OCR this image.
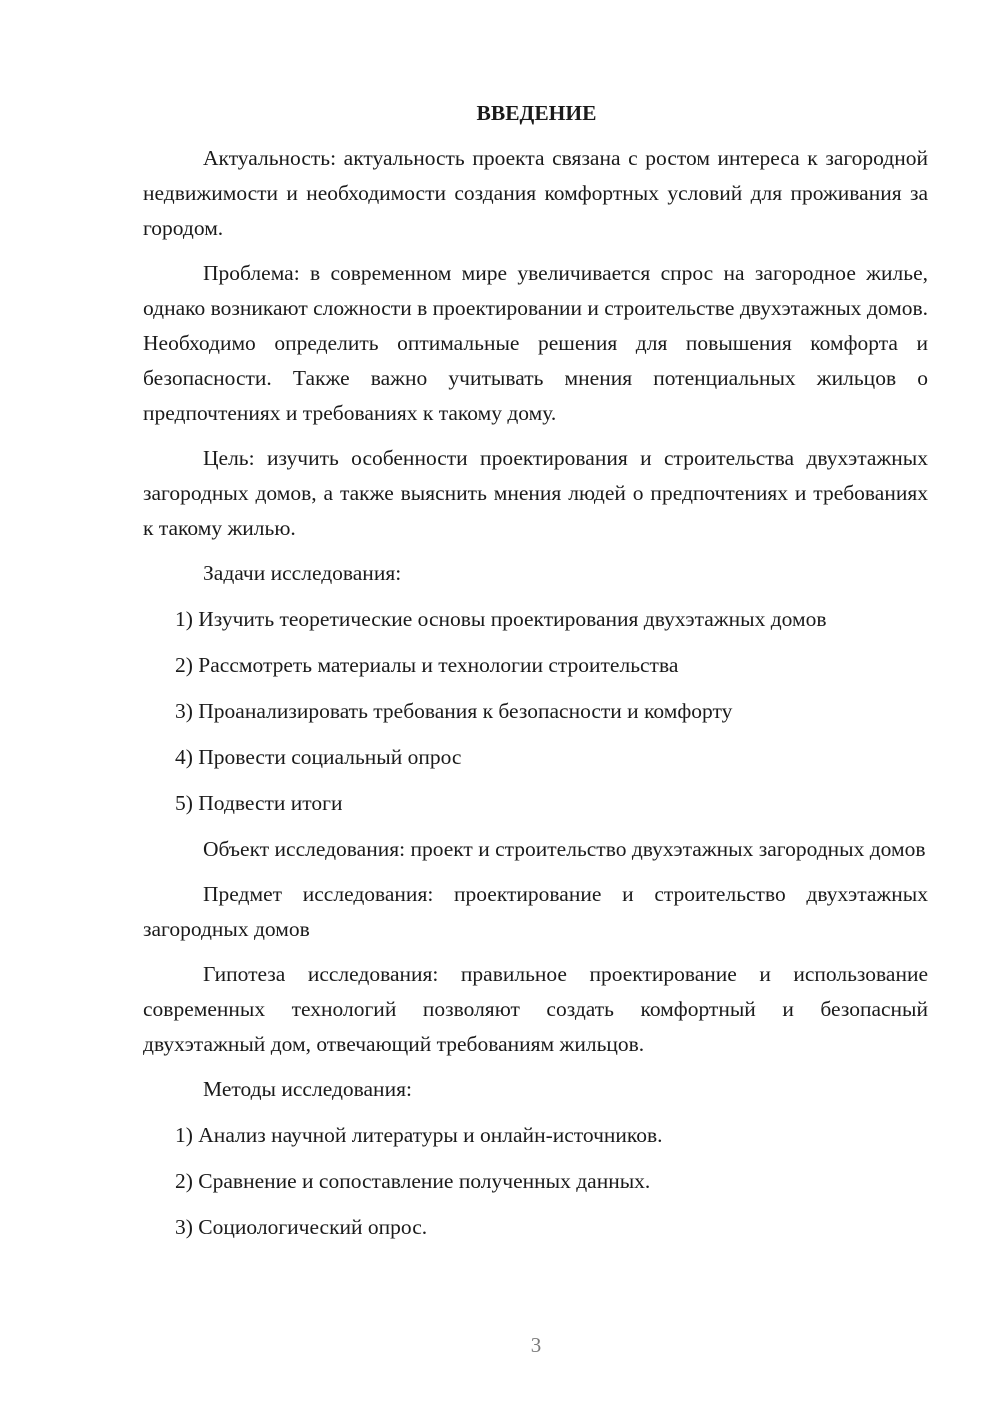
ВВЕДЕНИЕ

Актуальность: актуальность проекта связана с ростом интереса к загородной недвижимости и необходимости создания комфортных условий для проживания за городом.

Проблема: в современном мире увеличивается спрос на загородное жилье, однако возникают сложности в проектировании и строительстве двухэтажных домов. Необходимо определить оптимальные решения для повышения комфорта и безопасности. Также важно учитывать мнения потенциальных жильцов о предпочтениях и требованиях к такому дому.

Цель: изучить особенности проектирования и строительства двухэтажных загородных домов, а также выяснить мнения людей о предпочтениях и требованиях к такому жилью.

Задачи исследования:

1) Изучить теоретические основы проектирования двухэтажных домов
2) Рассмотреть материалы и технологии строительства
3) Проанализировать требования к безопасности и комфорту
4) Провести социальный опрос
5) Подвести итоги

Объект исследования: проект и строительство двухэтажных загородных домов

Предмет исследования: проектирование и строительство двухэтажных загородных домов

Гипотеза исследования: правильное проектирование и использование современных технологий позволяют создать комфортный и безопасный двухэтажный дом, отвечающий требованиям жильцов.

Методы исследования:

1) Анализ научной литературы и онлайн-источников.
2) Сравнение и сопоставление полученных данных.
3) Социологический опрос.
3
